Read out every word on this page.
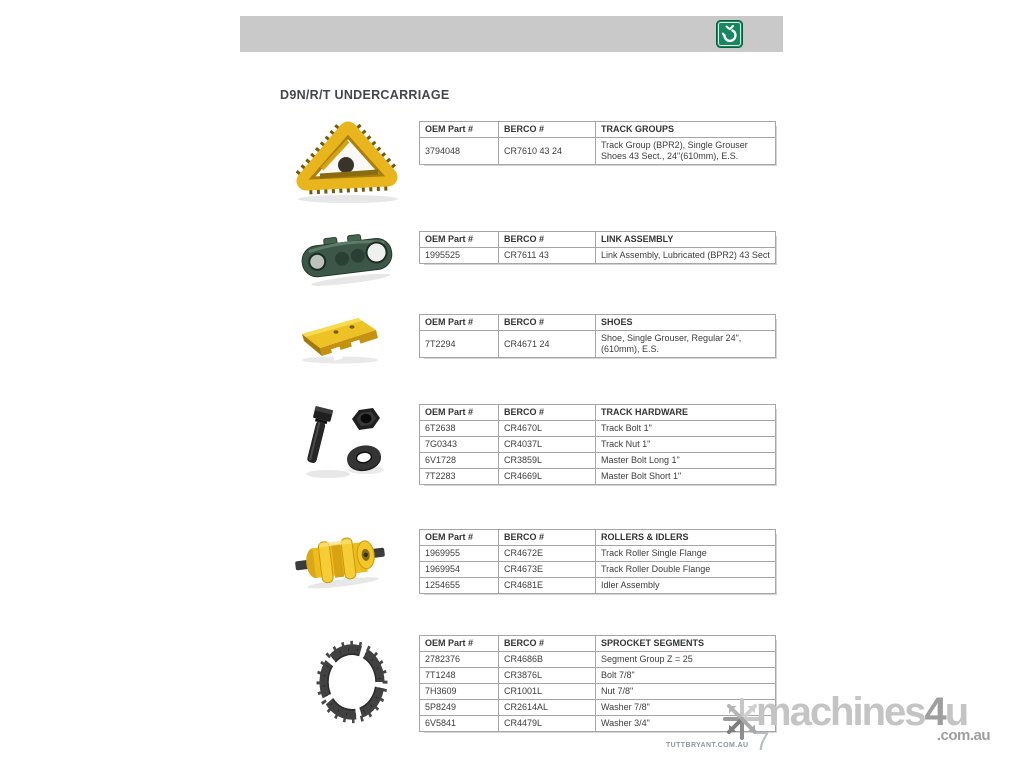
D9N/R/T UNDERCARRIAGE
OEM Part #	BERCO #	TRACK GROUPS
3794048	CR7610 43 24	Track Group (BPR2), Single Grouser Shoes 43 Sect., 24"(610mm), E.S.
OEM Part #	BERCO #	LINK ASSEMBLY
1995525	CR7611 43	Link Assembly, Lubricated (BPR2) 43 Sect
OEM Part #	BERCO #	SHOES
7T2294	CR4671 24	Shoe, Single Grouser, Regular 24", (610mm), E.S.
OEM Part #	BERCO #	TRACK HARDWARE
6T2638	CR4670L	Track Bolt 1"
7G0343	CR4037L	Track Nut 1"
6V1728	CR3859L	Master Bolt Long 1"
7T2283	CR4669L	Master Bolt Short 1"
OEM Part #	BERCO #	ROLLERS & IDLERS
1969955	CR4672E	Track Roller Single Flange
1969954	CR4673E	Track Roller Double Flange
1254655	CR4681E	Idler Assembly
OEM Part #	BERCO #	SPROCKET SEGMENTS
2782376	CR4686B	Segment Group Z = 25
7T1248	CR3876L	Bolt 7/8"
7H3609	CR1001L	Nut 7/8"
5P8249	CR2614AL	Washer 7/8"
6V5841	CR4479L	Washer 3/4"	machines4u
.com.au
TUTTBRYANT.COM.AU 7
